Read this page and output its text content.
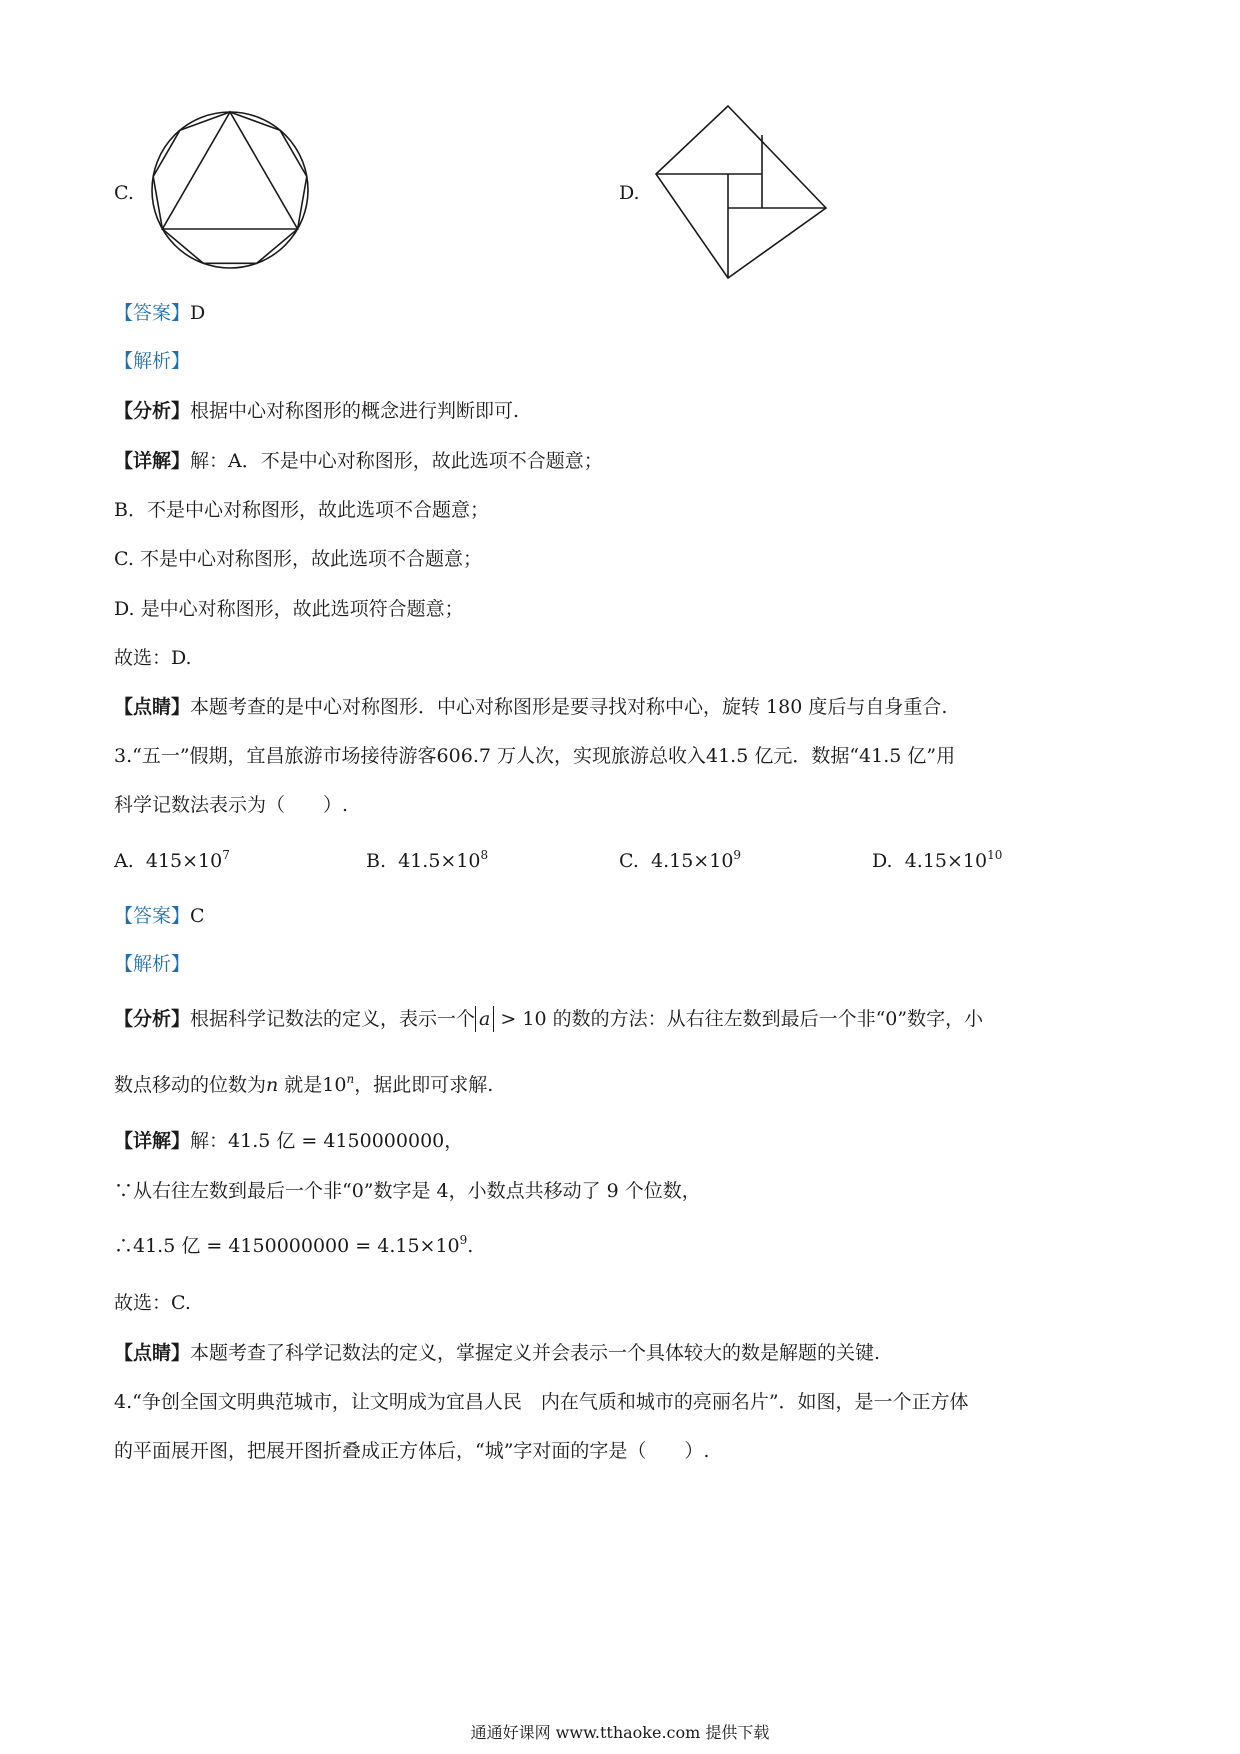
C.	D.
【答案】D
【解析】
【分析】根据中心对称图形的概念进行判断即可.
【详解】解：A．不是中心对称图形，故此选项不合题意；
B．不是中心对称图形，故此选项不合题意；
C. 不是中心对称图形，故此选项不合题意；
D. 是中心对称图形，故此选项符合题意；
故选：D.
【点睛】本题考查的是中心对称图形．中心对称图形是要寻找对称中心，旋转 180 度后与自身重合.
3.“五一”假期，宜昌旅游市场接待游客606.7 万人次，实现旅游总收入41.5 亿元．数据“41.5 亿”用
科学记数法表示为（　　）.
A. $415\times 10^7$	B. $41.5\times 10^8$	C. $4.15\times 10^9$	D. $4.15\times 10^{10}$
【答案】C
【解析】
【分析】根据科学记数法的定义，表示一个 a > 10 的数的方法：从右往左数到最后一个非“0”数字，小
数点移动的位数为n 就是10$^n$，据此即可求解.
【详解】解：41.5 亿 = 4150000000，
∵从右往左数到最后一个非“0”数字是 4，小数点共移动了 9 个位数，
∴41.5 亿 = $4150000000 = 4.15\times 10^9$.
故选：C.
【点睛】本题考查了科学记数法的定义，掌握定义并会表示一个具体较大的数是解题的关键.
4.“争创全国文明典范城市，让文明成为宜昌人民　内在气质和城市的亮丽名片”．如图，是一个正方体
的平面展开图，把展开图折叠成正方体后，“城”字对面的字是（　　）.
通通好课网 www.tthaoke.com 提供下载
